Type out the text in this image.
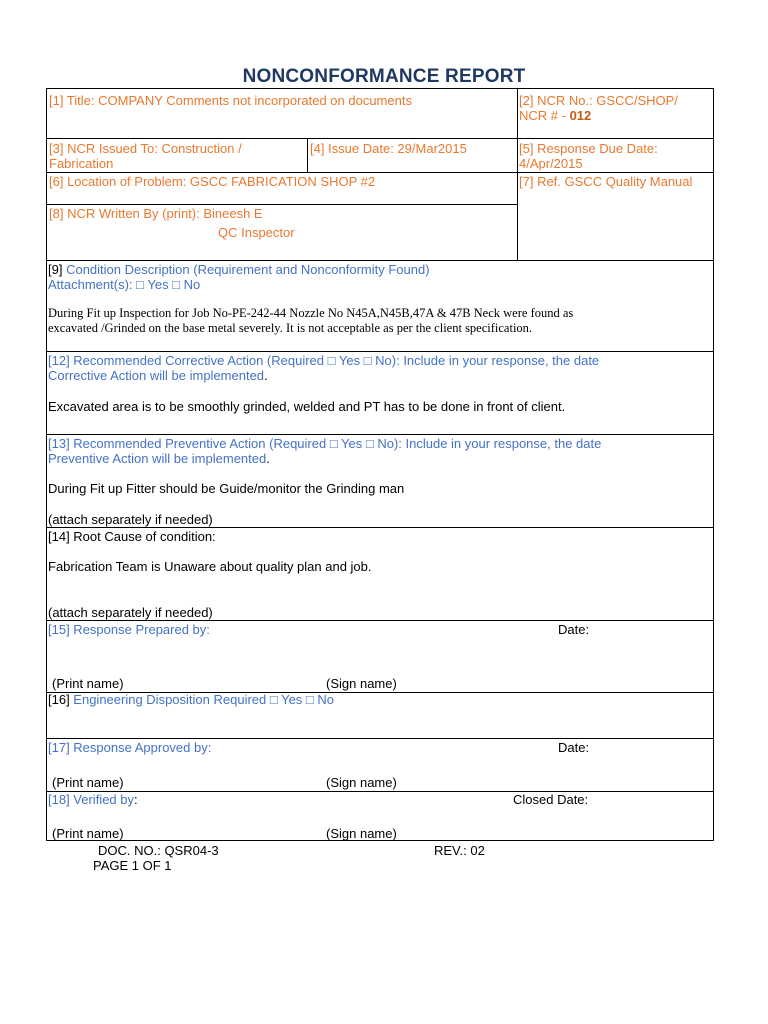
NONCONFORMANCE REPORT
[1] Title: COMPANY Comments not incorporated on documents	[2] NCR No.: GSCC/SHOP/
NCR # - 012
[3] NCR Issued To: Construction /
Fabrication
[4] Issue Date: 29/Mar2015	[5] Response Due Date:
4/Apr/2015
[6] Location of Problem: GSCC FABRICATION SHOP #2	[7] Ref. GSCC Quality Manual
[8] NCR Written By (print): Bineesh E
QC Inspector
[9] Condition Description (Requirement and Nonconformity Found)
Attachment(s): □ Yes □ No
During Fit up Inspection for Job No-PE-242-44 Nozzle No N45A,N45B,47A & 47B Neck were found as
excavated /Grinded on the base metal severely. It is not acceptable as per the client specification.
[12] Recommended Corrective Action (Required □ Yes □ No): Include in your response, the date
Corrective Action will be implemented.
Excavated area is to be smoothly grinded, welded and PT has to be done in front of client.
[13] Recommended Preventive Action (Required □ Yes □ No): Include in your response, the date
Preventive Action will be implemented.
During Fit up Fitter should be Guide/monitor the Grinding man
(attach separately if needed)
[14] Root Cause of condition:
Fabrication Team is Unaware about quality plan and job.
(attach separately if needed)
[15] Response Prepared by:	Date:
(Print name)	(Sign name)
[16] Engineering Disposition Required □ Yes □ No
[17] Response Approved by:	Date:
(Print name)	(Sign name)
[18] Verified by:	Closed Date:
(Print name)	(Sign name)
DOC. NO.: QSR04-3	REV.: 02
PAGE 1 OF 1
